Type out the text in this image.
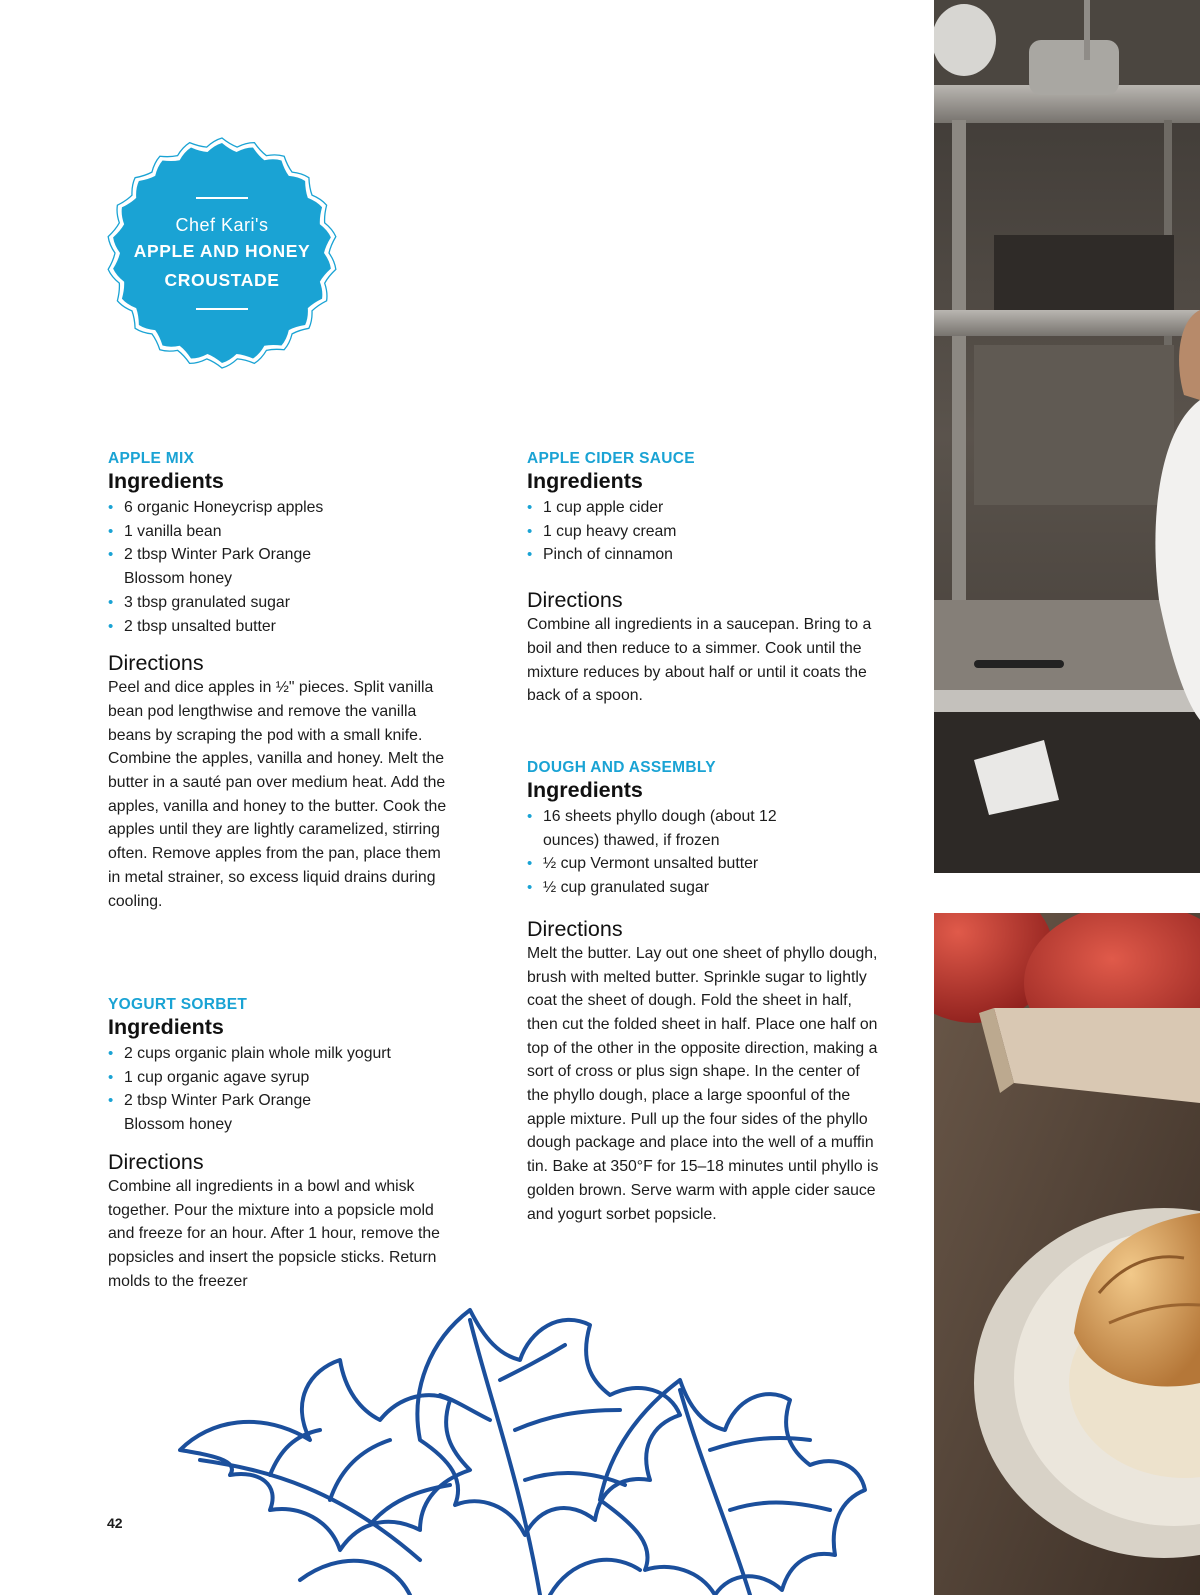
Chef Kari's
APPLE AND HONEY
CROUSTADE
APPLE MIX
Ingredients
• 6 organic Honeycrisp apples
• 1 vanilla bean
• 2 tbsp Winter Park Orange Blossom honey
• 3 tbsp granulated sugar
• 2 tbsp unsalted butter
Directions

Peel and dice apples in ½" pieces. Split vanilla bean pod lengthwise and remove the vanilla beans by scraping the pod with a small knife. Combine the apples, vanilla and honey. Melt the butter in a sauté pan over medium heat. Add the apples, vanilla and honey to the butter. Cook the apples until they are lightly caramelized, stirring often. Remove apples from the pan, place them in metal strainer, so excess liquid drains during cooling.

YOGURT SORBET
Ingredients
• 2 cups organic plain whole milk yogurt
• 1 cup organic agave syrup
• 2 tbsp Winter Park Orange Blossom honey
Directions

Combine all ingredients in a bowl and whisk together. Pour the mixture into a popsicle mold and freeze for an hour. After 1 hour, remove the popsicles and insert the popsicle sticks. Return molds to the freezer

APPLE CIDER SAUCE
Ingredients
• 1 cup apple cider
• 1 cup heavy cream
• Pinch of cinnamon
Directions

Combine all ingredients in a saucepan. Bring to a boil and then reduce to a simmer. Cook until the mixture reduces by about half or until it coats the back of a spoon.

DOUGH AND ASSEMBLY
Ingredients
• 16 sheets phyllo dough (about 12 ounces) thawed, if frozen
• ½ cup Vermont unsalted butter
• ½ cup granulated sugar
Directions

Melt the butter. Lay out one sheet of phyllo dough, brush with melted butter. Sprinkle sugar to lightly coat the sheet of dough. Fold the sheet in half, then cut the folded sheet in half. Place one half on top of the other in the opposite direction, making a sort of cross or plus sign shape. In the center of the phyllo dough, place a large spoonful of the apple mixture. Pull up the four sides of the phyllo dough package and place into the well of a muffin tin. Bake at 350°F for 15–18 minutes until phyllo is golden brown. Serve warm with apple cider sauce and yogurt sorbet popsicle.

42
